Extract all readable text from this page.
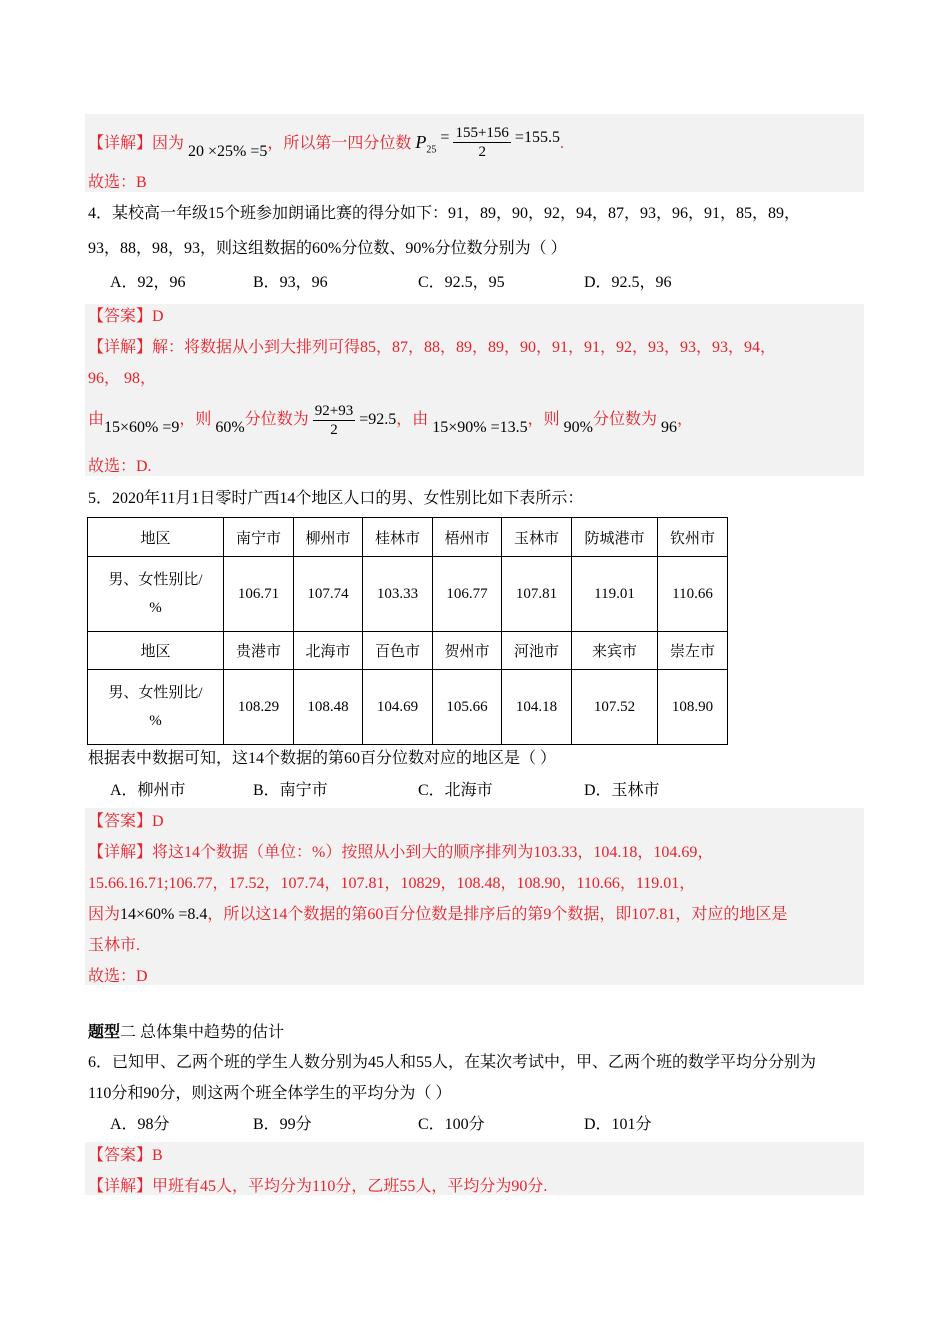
【详解】因为 20 ×25% =5，所以第一四分位数 $P_{25} = \frac{155+156}{2} =155.5$.
故选：B
4．某校高一年级15个班参加朗诵比赛的得分如下：91，89，90，92，94，87，93，96，91，85，89，
93，88，98，93，则这组数据的60%分位数、90%分位数分别为（ ）
A．92，96	B．93，96	C．92.5，95	D．92.5，96
【答案】D
【详解】解：将数据从小到大排列可得85，87，88，89，89，90，91，91，92，93，93，93，94，
96， 98，
由15×60% =9，则 60%分位数为 $\frac{92+93}{2} =92.5$，由 15×90% =13.5，则 90%分位数为 96，
故选：D.
5．2020年11月1日零时广西14个地区人口的男、女性别比如下表所示：
地区	南宁市	柳州市	桂林市	梧州市	玉林市	防城港市	钦州市
男、女性别比/
%	106.71	107.74	103.33	106.77	107.81	119.01	110.66
地区	贵港市	北海市	百色市	贺州市	河池市	来宾市	崇左市
男、女性别比/
%	108.29	108.48	104.69	105.66	104.18	107.52	108.90
根据表中数据可知，这14个数据的第60百分位数对应的地区是（ ）
A．柳州市	B．南宁市	C．北海市	D．玉林市
【答案】D
【详解】将这14个数据（单位：%）按照从小到大的顺序排列为103.33，104.18，104.69，
15.66.16.71;106.77，17.52，107.74，107.81，10829，108.48，108.90，110.66，119.01，
因为14×60% =8.4，所以这14个数据的第60百分位数是排序后的第9个数据，即107.81，对应的地区是
玉林市.
故选：D
题型二 总体集中趋势的估计
6．已知甲、乙两个班的学生人数分别为45人和55人，在某次考试中，甲、乙两个班的数学平均分分别为
110分和90分，则这两个班全体学生的平均分为（ ）
A．98分	B．99分	C．100分	D．101分
【答案】B
【详解】甲班有45人，平均分为110分，乙班55人，平均分为90分.
